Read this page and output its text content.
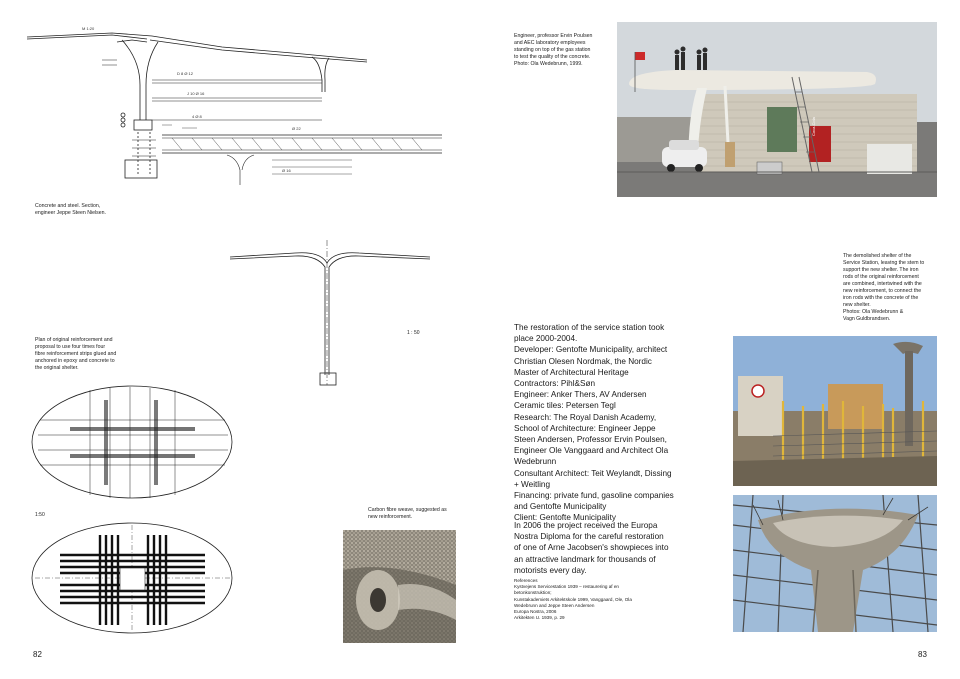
M 1:20
D 8 Ø 12
J 10 Ø 16
4 Ø 8
Ø 22
Ø 16
Concrete and steel. Section,
engineer Jeppe Steen Nielsen.
1 : 50
Plan of original reinforcement and
proposal to use four times four
fibre reinforcement strips glued and
anchored in epoxy and concrete to
the original shelter.
1:50
Carbon fibre weave, suggested as
new reinforcement.
82
Engineer, professor Ervin Poulsen
and AEC laboratory employees
standing on top of the gas station
to test the quality of the concrete.
Photo: Ola Wedebrunn, 1999.
Coca-Cola
The demolished shelter of the
Service Station, leaving the stem to
support the new shelter. The iron
rods of the original reinforcement
are combined, intertwined with the
new reinforcement, to connect the
iron rods with the concrete of the
new shelter.
Photos: Ola Wedebrunn &
Vagn Guldbrandsen.
The restoration of the service station took
place 2000-2004.
Developer: Gentofte Municipality, architect
Christian Olesen Nordmak, the Nordic
Master of Architectural Heritage
Contractors: Pihl&Søn
Engineer: Anker Thers, AV Andersen
Ceramic tiles: Petersen Tegl
Research: The Royal Danish Academy,
School of Architecture: Engineer Jeppe
Steen Andersen, Professor Ervin Poulsen,
Engineer Ole Vanggaard and Architect Ola
Wedebrunn
Consultant Architect: Teit Weylandt, Dissing
+ Weitling
Financing: private fund, gasoline companies
and Gentofte Municipality
Client: Gentofte Municipality
In 2006 the project received the Europa
Nostra Diploma for the careful restoration
of one of Arne Jacobsen's showpieces into
an attractive landmark for thousands of
motorists every day.
References
Kystvejens Servicestation 1939 – restaurering af en
betonkonstruktion;
Kunstakademiets Arkitektskole 1999, Vanggaard, Ole, Ola
Wedebrunn and Jeppe Steen Andersen
Europa Nostra, 2006
Arkitekten U. 1939, p. 29
83
